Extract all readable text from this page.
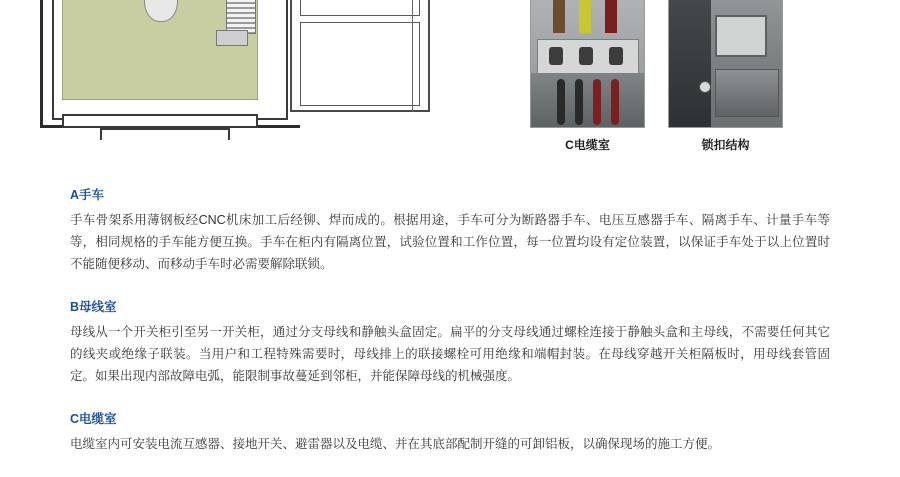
C电缆室	锁扣结构
A手车

手车骨架系用薄钢板经CNC机床加工后经铆、焊而成的。根据用途，手车可分为断路器手车、电压互感器手车、隔离手车、计量手车等等，相同规格的手车能方便互换。手车在柜内有隔离位置，试验位置和工作位置，每一位置均设有定位装置，以保证手车处于以上位置时不能随便移动、而移动手车时必需要解除联锁。

B母线室

母线从一个开关柜引至另一开关柜，通过分支母线和静触头盒固定。扁平的分支母线通过螺栓连接于静触头盒和主母线，不需要任何其它的线夹或绝缘子联装。当用户和工程特殊需要时，母线排上的联接螺栓可用绝缘和端帽封装。在母线穿越开关柜隔板时，用母线套管固定。如果出现内部故障电弧，能限制事故蔓延到邻柜，并能保障母线的机械强度。

C电缆室

电缆室内可安装电流互感器、接地开关、避雷器以及电缆、并在其底部配制开缝的可卸铝板，以确保现场的施工方便。
